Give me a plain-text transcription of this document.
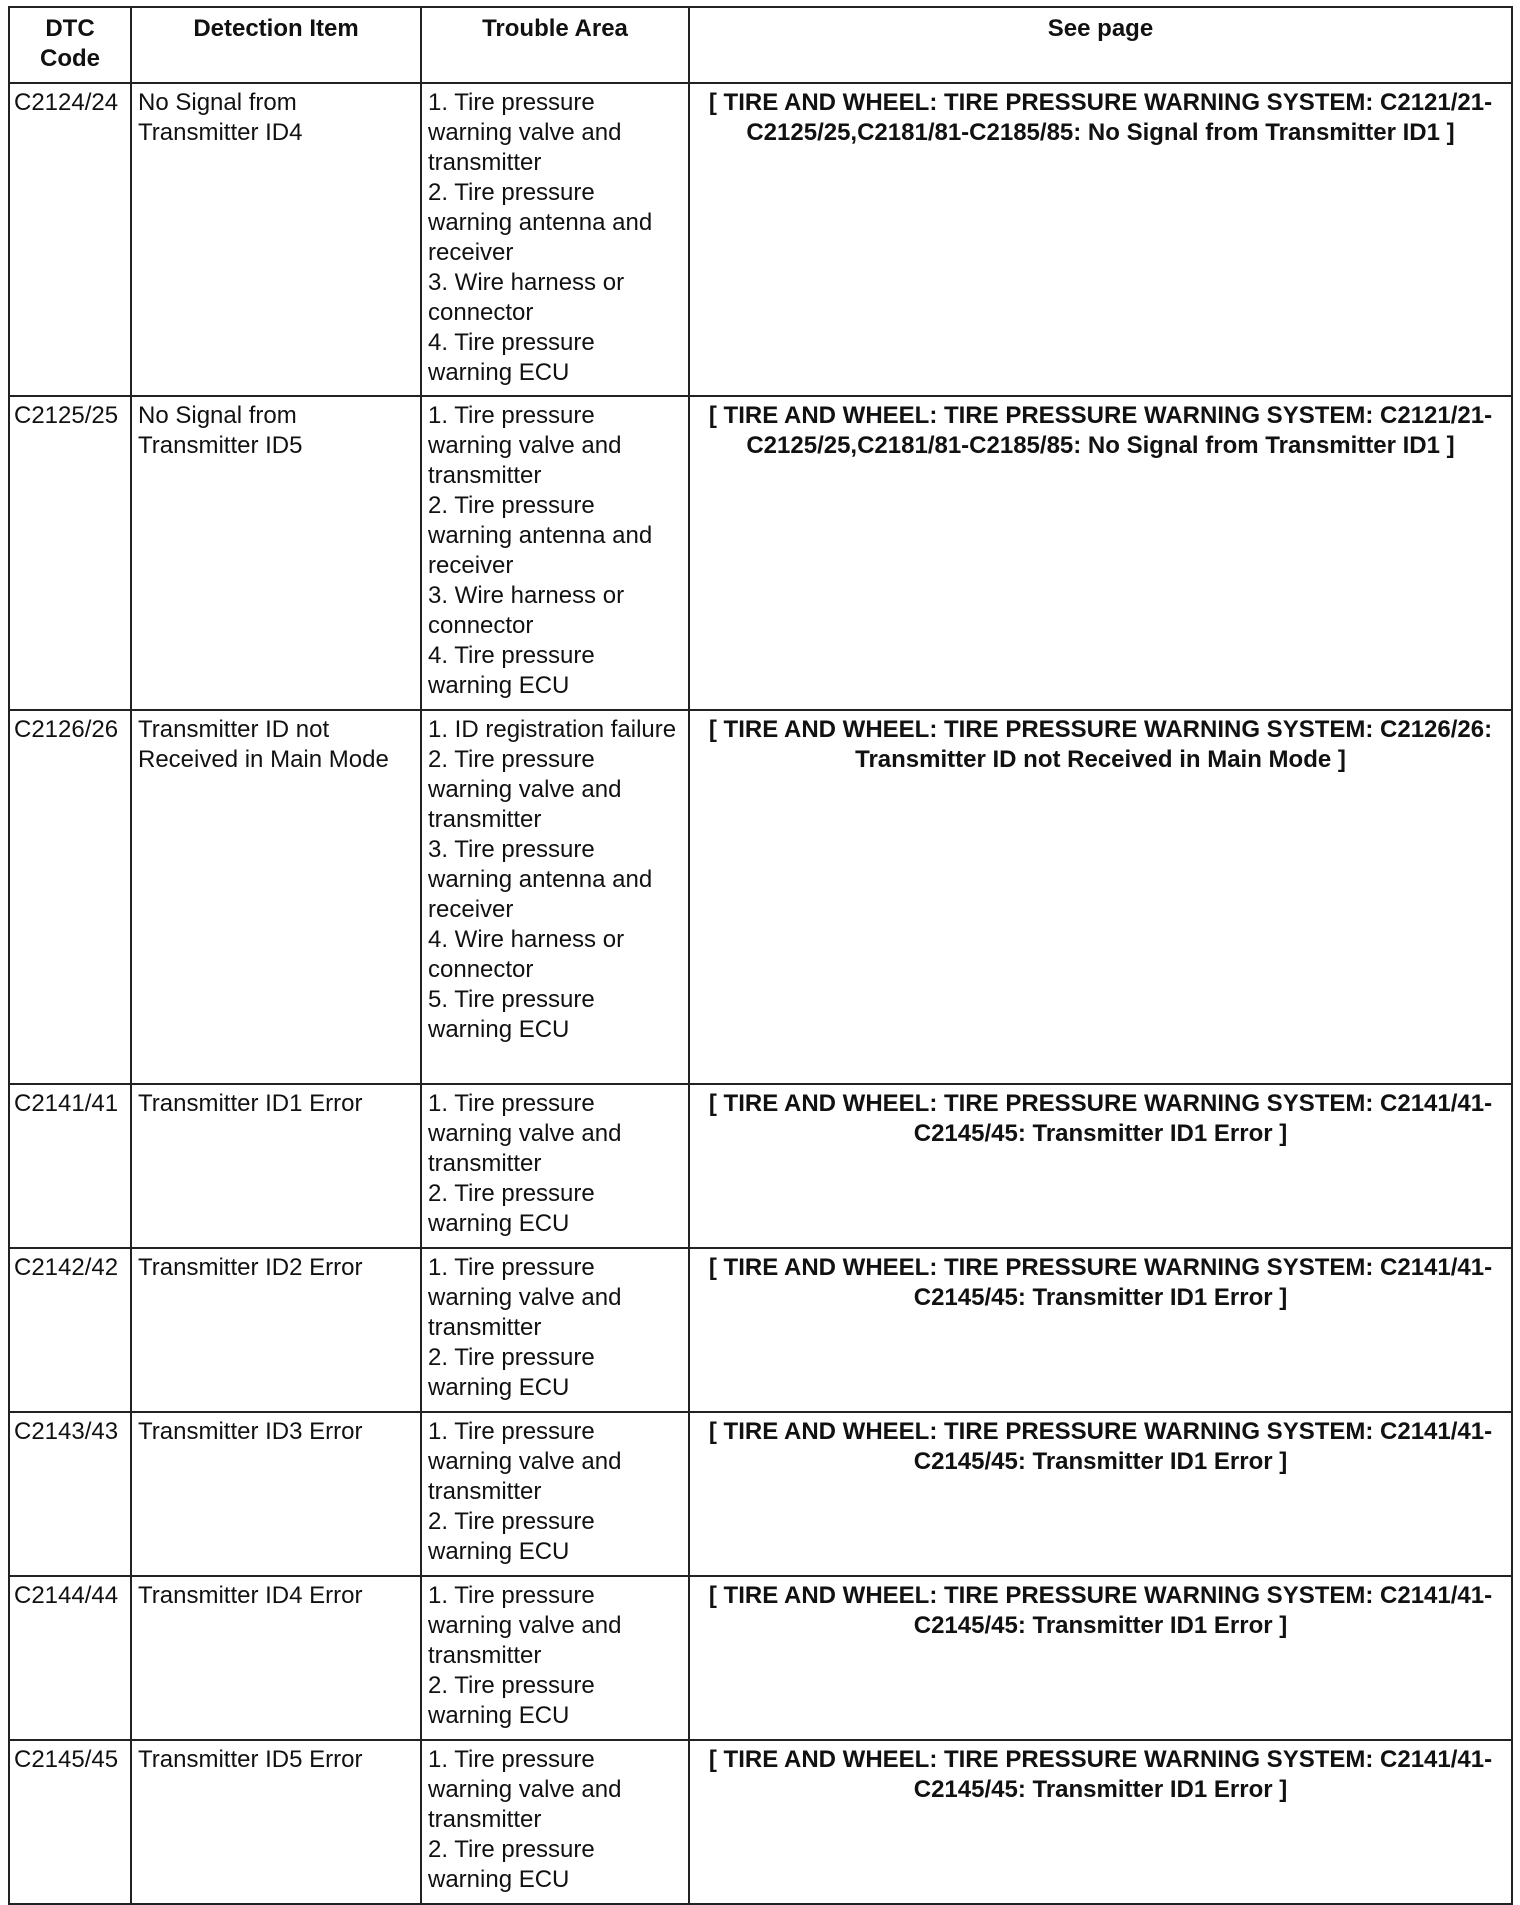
DTC
Code	Detection Item	Trouble Area	See page
C2124/24	No Signal from Transmitter ID4	1. Tire pressure warning valve and transmitter
2. Tire pressure warning antenna and receiver
3. Wire harness or connector
4. Tire pressure warning ECU	[ TIRE AND WHEEL: TIRE PRESSURE WARNING SYSTEM: C2121/21-C2125/25,C2181/81-C2185/85: No Signal from Transmitter ID1 ]
C2125/25	No Signal from Transmitter ID5	1. Tire pressure warning valve and transmitter
2. Tire pressure warning antenna and receiver
3. Wire harness or connector
4. Tire pressure warning ECU	[ TIRE AND WHEEL: TIRE PRESSURE WARNING SYSTEM: C2121/21-C2125/25,C2181/81-C2185/85: No Signal from Transmitter ID1 ]
C2126/26	Transmitter ID not Received in Main Mode	1. ID registration failure
2. Tire pressure warning valve and transmitter
3. Tire pressure warning antenna and receiver
4. Wire harness or connector
5. Tire pressure warning ECU	[ TIRE AND WHEEL: TIRE PRESSURE WARNING SYSTEM: C2126/26: Transmitter ID not Received in Main Mode ]
C2141/41	Transmitter ID1 Error	1. Tire pressure warning valve and transmitter
2. Tire pressure warning ECU	[ TIRE AND WHEEL: TIRE PRESSURE WARNING SYSTEM: C2141/41-C2145/45: Transmitter ID1 Error ]
C2142/42	Transmitter ID2 Error	1. Tire pressure warning valve and transmitter
2. Tire pressure warning ECU	[ TIRE AND WHEEL: TIRE PRESSURE WARNING SYSTEM: C2141/41-C2145/45: Transmitter ID1 Error ]
C2143/43	Transmitter ID3 Error	1. Tire pressure warning valve and transmitter
2. Tire pressure warning ECU	[ TIRE AND WHEEL: TIRE PRESSURE WARNING SYSTEM: C2141/41-C2145/45: Transmitter ID1 Error ]
C2144/44	Transmitter ID4 Error	1. Tire pressure warning valve and transmitter
2. Tire pressure warning ECU	[ TIRE AND WHEEL: TIRE PRESSURE WARNING SYSTEM: C2141/41-C2145/45: Transmitter ID1 Error ]
C2145/45	Transmitter ID5 Error	1. Tire pressure warning valve and transmitter
2. Tire pressure warning ECU	[ TIRE AND WHEEL: TIRE PRESSURE WARNING SYSTEM: C2141/41-C2145/45: Transmitter ID1 Error ]
